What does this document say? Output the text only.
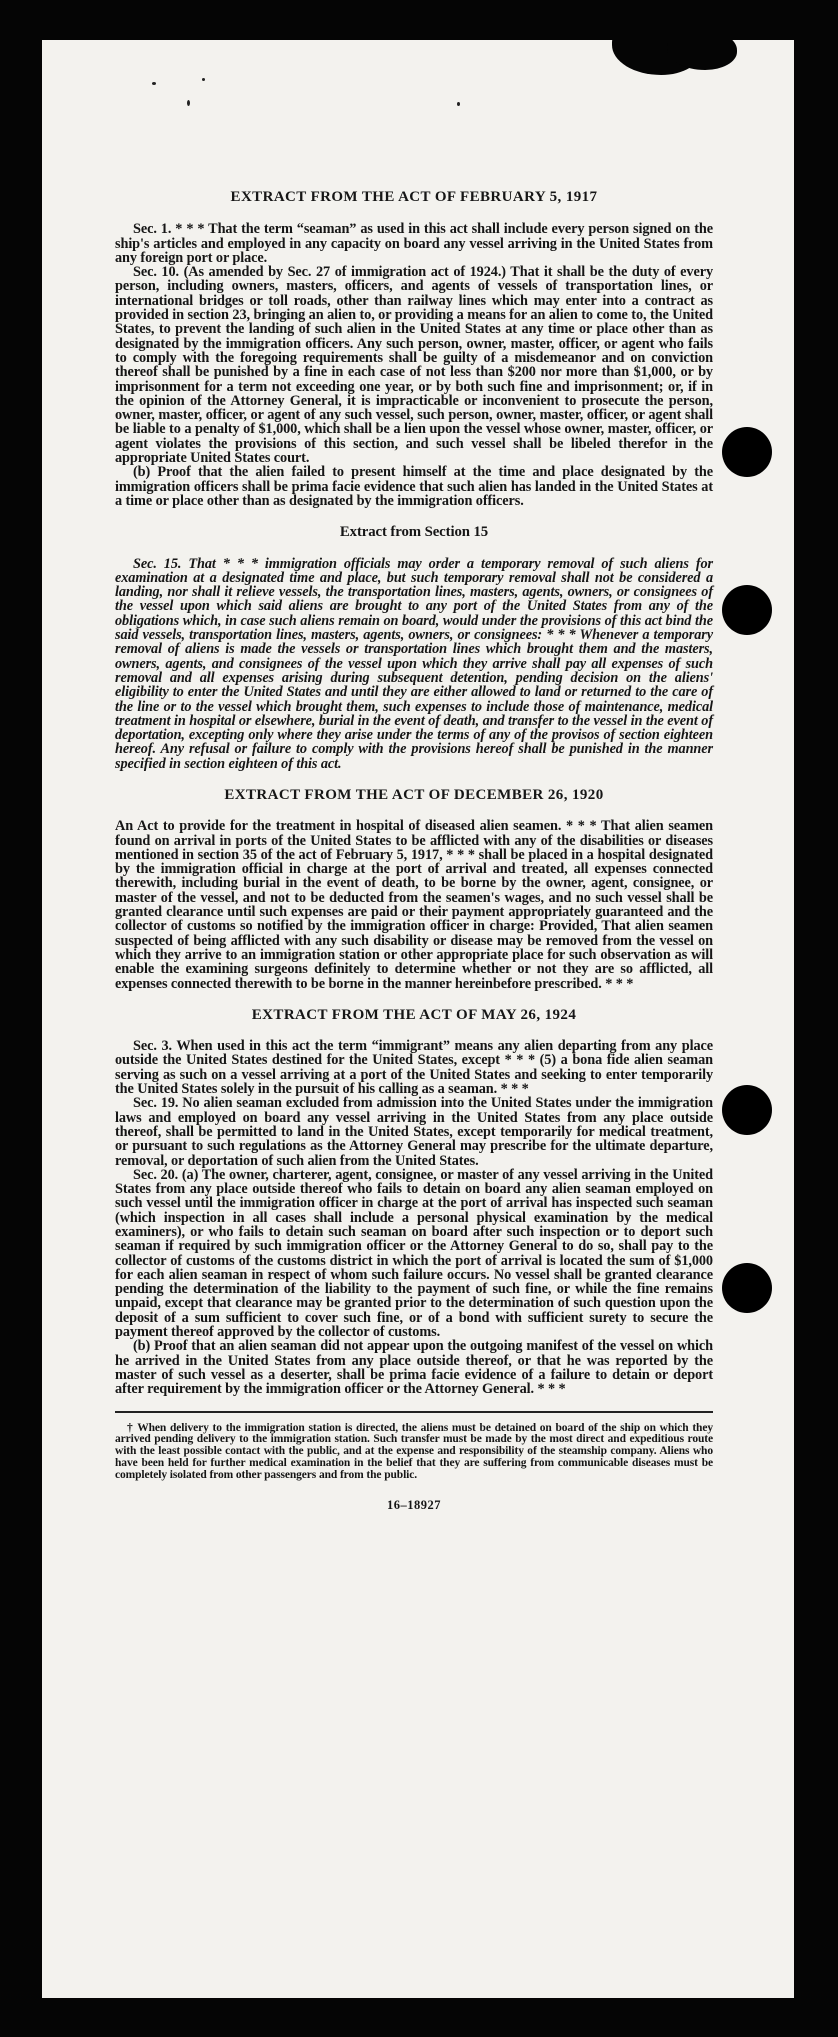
EXTRACT FROM THE ACT OF FEBRUARY 5, 1917

Sec. 1. * * * That the term “seaman” as used in this act shall include every person signed on the ship's articles and employed in any capacity on board any vessel arriving in the United States from any foreign port or place.

Sec. 10. (As amended by Sec. 27 of immigration act of 1924.) That it shall be the duty of every person, including owners, masters, officers, and agents of vessels of transportation lines, or international bridges or toll roads, other than railway lines which may enter into a contract as provided in section 23, bringing an alien to, or providing a means for an alien to come to, the United States, to prevent the landing of such alien in the United States at any time or place other than as designated by the immigration officers. Any such person, owner, master, officer, or agent who fails to comply with the foregoing requirements shall be guilty of a misdemeanor and on conviction thereof shall be punished by a fine in each case of not less than $200 nor more than $1,000, or by imprisonment for a term not exceeding one year, or by both such fine and imprisonment; or, if in the opinion of the Attorney General, it is impracticable or inconvenient to prosecute the person, owner, master, officer, or agent of any such vessel, such person, owner, master, officer, or agent shall be liable to a penalty of $1,000, which shall be a lien upon the vessel whose owner, master, officer, or agent violates the provisions of this section, and such vessel shall be libeled therefor in the appropriate United States court.

(b) Proof that the alien failed to present himself at the time and place designated by the immigration officers shall be prima facie evidence that such alien has landed in the United States at a time or place other than as designated by the immigration officers.

Extract from Section 15

Sec. 15. That * * * immigration officials may order a temporary removal of such aliens for examination at a designated time and place, but such temporary removal shall not be considered a landing, nor shall it relieve vessels, the transportation lines, masters, agents, owners, or consignees of the vessel upon which said aliens are brought to any port of the United States from any of the obligations which, in case such aliens remain on board, would under the provisions of this act bind the said vessels, transportation lines, masters, agents, owners, or consignees: * * * Whenever a temporary removal of aliens is made the vessels or transportation lines which brought them and the masters, owners, agents, and consignees of the vessel upon which they arrive shall pay all expenses of such removal and all expenses arising during subsequent detention, pending decision on the aliens' eligibility to enter the United States and until they are either allowed to land or returned to the care of the line or to the vessel which brought them, such expenses to include those of maintenance, medical treatment in hospital or elsewhere, burial in the event of death, and transfer to the vessel in the event of deportation, excepting only where they arise under the terms of any of the provisos of section eighteen hereof. Any refusal or failure to comply with the provisions hereof shall be punished in the manner specified in section eighteen of this act.

EXTRACT FROM THE ACT OF DECEMBER 26, 1920

An Act to provide for the treatment in hospital of diseased alien seamen. * * * That alien seamen found on arrival in ports of the United States to be afflicted with any of the disabilities or diseases mentioned in section 35 of the act of February 5, 1917, * * * shall be placed in a hospital designated by the immigration official in charge at the port of arrival and treated, all expenses connected therewith, including burial in the event of death, to be borne by the owner, agent, consignee, or master of the vessel, and not to be deducted from the seamen's wages, and no such vessel shall be granted clearance until such expenses are paid or their payment appropriately guaranteed and the collector of customs so notified by the immigration officer in charge: Provided, That alien seamen suspected of being afflicted with any such disability or disease may be removed from the vessel on which they arrive to an immigration station or other appropriate place for such observation as will enable the examining surgeons definitely to determine whether or not they are so afflicted, all expenses connected therewith to be borne in the manner hereinbefore prescribed. * * *

EXTRACT FROM THE ACT OF MAY 26, 1924

Sec. 3. When used in this act the term “immigrant” means any alien departing from any place outside the United States destined for the United States, except * * * (5) a bona fide alien seaman serving as such on a vessel arriving at a port of the United States and seeking to enter temporarily the United States solely in the pursuit of his calling as a seaman. * * *

Sec. 19. No alien seaman excluded from admission into the United States under the immigration laws and employed on board any vessel arriving in the United States from any place outside thereof, shall be permitted to land in the United States, except temporarily for medical treatment, or pursuant to such regulations as the Attorney General may prescribe for the ultimate departure, removal, or deportation of such alien from the United States.

Sec. 20. (a) The owner, charterer, agent, consignee, or master of any vessel arriving in the United States from any place outside thereof who fails to detain on board any alien seaman employed on such vessel until the immigration officer in charge at the port of arrival has inspected such seaman (which inspection in all cases shall include a personal physical examination by the medical examiners), or who fails to detain such seaman on board after such inspection or to deport such seaman if required by such immigration officer or the Attorney General to do so, shall pay to the collector of customs of the customs district in which the port of arrival is located the sum of $1,000 for each alien seaman in respect of whom such failure occurs. No vessel shall be granted clearance pending the determination of the liability to the payment of such fine, or while the fine remains unpaid, except that clearance may be granted prior to the determination of such question upon the deposit of a sum sufficient to cover such fine, or of a bond with sufficient surety to secure the payment thereof approved by the collector of customs.

(b) Proof that an alien seaman did not appear upon the outgoing manifest of the vessel on which he arrived in the United States from any place outside thereof, or that he was reported by the master of such vessel as a deserter, shall be prima facie evidence of a failure to detain or deport after requirement by the immigration officer or the Attorney General. * * *

† When delivery to the immigration station is directed, the aliens must be detained on board of the ship on which they arrived pending delivery to the immigration station. Such transfer must be made by the most direct and expeditious route with the least possible contact with the public, and at the expense and responsibility of the steamship company. Aliens who have been held for further medical examination in the belief that they are suffering from communicable diseases must be completely isolated from other passengers and from the public.

16–18927
